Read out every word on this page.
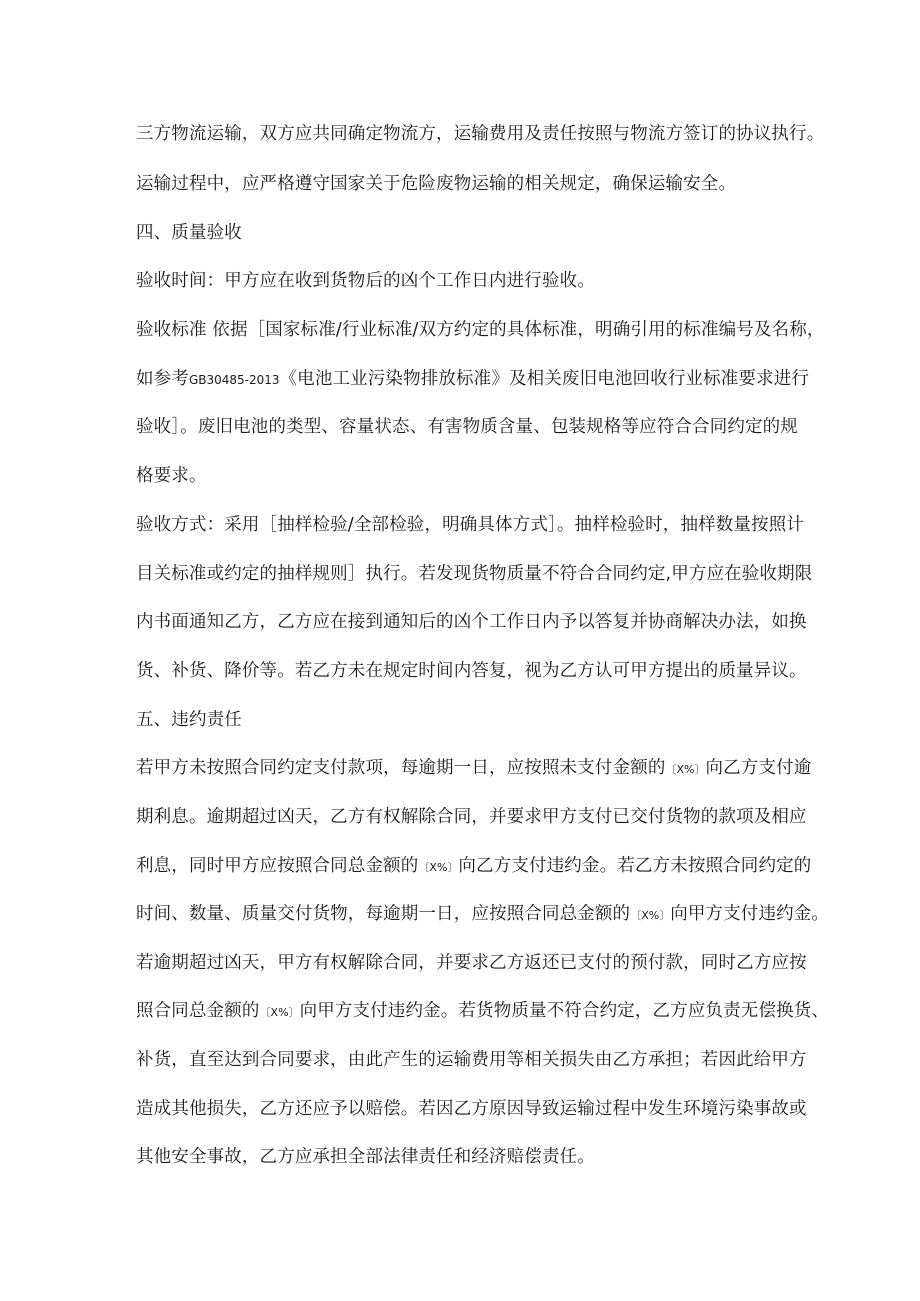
三方物流运输，双方应共同确定物流方，运输费用及责任按照与物流方签订的协议执行。

运输过程中，应严格遵守国家关于危险废物运输的相关规定，确保运输安全。

四、质量验收

验收时间：甲方应在收到货物后的凶个工作日内进行验收。

验收标准 依据［国家标准/行业标准/双方约定的具体标准，明确引用的标准编号及名称，

如参考GB30485-2013《电池工业污染物排放标准》及相关废旧电池回收行业标准要求进行

验收］。废旧电池的类型、容量状态、有害物质含量、包装规格等应符合合同约定的规

格要求。

验收方式：采用［抽样检验/全部检验，明确具体方式］。抽样检验时，抽样数量按照计

目关标准或约定的抽样规则］执行。若发现货物质量不符合合同约定,甲方应在验收期限

内书面通知乙方，乙方应在接到通知后的凶个工作日内予以答复并协商解决办法，如换

货、补货、降价等。若乙方未在规定时间内答复，视为乙方认可甲方提出的质量异议。

五、违约责任

若甲方未按照合同约定支付款项，每逾期一日，应按照未支付金额的〔X%〕向乙方支付逾

期利息。逾期超过凶天，乙方有权解除合同，并要求甲方支付已交付货物的款项及相应

利息，同时甲方应按照合同总金额的〔X%〕向乙方支付违约金。若乙方未按照合同约定的

时间、数量、质量交付货物，每逾期一日，应按照合同总金额的〔X%〕向甲方支付违约金。

若逾期超过凶天，甲方有权解除合同，并要求乙方返还已支付的预付款，同时乙方应按

照合同总金额的〔X%〕向甲方支付违约金。若货物质量不符合约定，乙方应负责无偿换货、

补货，直至达到合同要求，由此产生的运输费用等相关损失由乙方承担；若因此给甲方

造成其他损失，乙方还应予以赔偿。若因乙方原因导致运输过程中发生环境污染事故或

其他安全事故，乙方应承担全部法律责任和经济赔偿责任。
